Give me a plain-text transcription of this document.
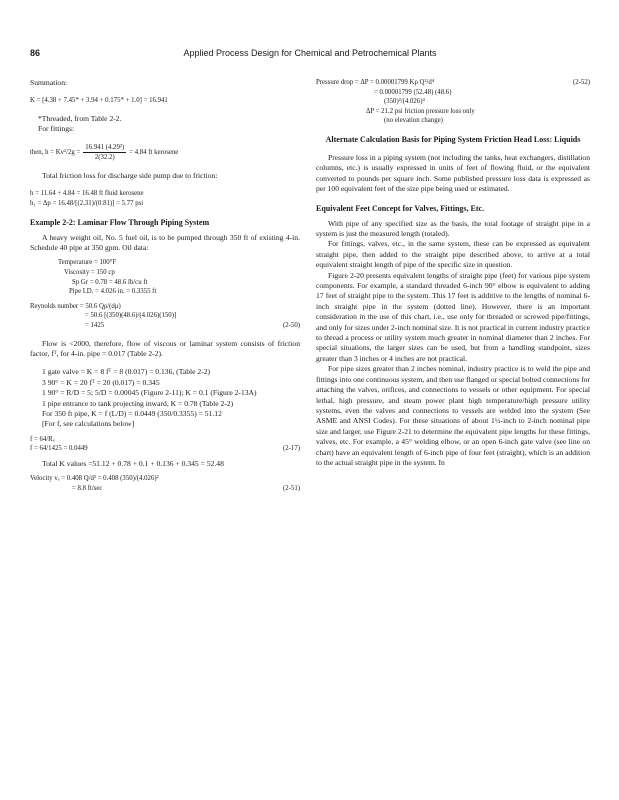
86	Applied Process Design for Chemical and Petrochemical Plants

Summation:

K = [4.38 + 7.45* + 3.94 + 0.175* + 1.0] = 16.941

*Threaded, from Table 2-2.

For fittings:

then, $h = Kv^2/2g = \frac{\text{16.941 (4.29²)}}{2(32.2)} = 4.84$ ft kerosene

Total friction loss for discharge side pump due to friction:

h = 11.64 + 4.84 = 16.48 ft fluid kerosene

h₁ = Δp = 16.48/[(2.31)/(0.81)] = 5.77 psi

Example 2-2: Laminar Flow Through Piping System

A heavy weight oil, No. 5 fuel oil, is to be pumped through 350 ft of existing 4-in. Schedule 40 pipe at 350 gpm. Oil data:

Temperature = 100°F
Viscosity = 150 cp
Sp Gr = 0.78 = 48.6 lb/cu ft
Pipe I.D. = 4.026 in. = 0.3355 ft
Reynolds number = 50.6 Qρ/(dμ)
= 50.6 [(350)(48.6)/(4.026)(150)]
= 1425	(2-50)

Flow is <2000, therefore, flow of viscous or laminar system consists of friction factor, fᵀ, for 4-in. pipe = 0.017 (Table 2-2).

1 gate valve = K = 8 fᵀ = 8 (0.017) = 0.136, (Table 2-2)

3 90° = K = 20 fᵀ = 20 (0.017) = 0.345

1 90° = R/D = 5; 5/D = 0.00045 (Figure 2-11); K = 0.1 (Figure 2-13A)

1 pipe entrance to tank projecting inward, K = 0.78 (Table 2-2)

For 350 ft pipe, K = f (L/D) = 0.0449 (350/0.3355) = 51.12

[For f, see calculations below]

f = 64/Rₑ
f = 64/1425 = 0.0449	(2-17)

Total K values =51.12 + 0.78 + 0.1 + 0.136 + 0.345 = 52.48

Velocity vₑ = 0.408 Q/d² = 0.408 (350)/(4.026)²
= 8.8 ft/sec	(2-51)
Pressure drop = ΔP = 0.00001799 Kρ Q²/d⁴	(2-52)
= 0.00001799 (52.48) (48.6)
(350)²/(4.026)⁴
ΔP = 21.2 psi friction pressure loss only
(no elevation change)

Alternate Calculation Basis for Piping System Friction Head Loss: Liquids

Pressure loss in a piping system (not including the tanks, heat exchangers, distillation columns, etc.) is usually expressed in units of feet of flowing fluid, or the equivalent converted to pounds per square inch. Some published pressure loss data is expressed as per 100 equivalent feet of the size pipe being used or estimated.

Equivalent Feet Concept for Valves, Fittings, Etc.

With pipe of any specified size as the basis, the total footage of straight pipe in a system is just the measured length (totaled).

For fittings, valves, etc., in the same system, these can be expressed as equivalent straight pipe, then added to the straight pipe described above, to arrive at a total equivalent straight length of pipe of the specific size in question.

Figure 2-20 presents equivalent lengths of straight pipe (feet) for various pipe system components. For example, a standard threaded 6-inch 90° elbow is equivalent to adding 17 feet of straight pipe to the system. This 17 feet is additive to the lengths of nominal 6-inch straight pipe in the system (dotted line). However, there is an important consideration in the use of this chart, i.e., use only for threaded or screwed pipe/fittings, and only for sizes under 2-inch nominal size. It is not practical in current industry practice to thread a process or utility system much greater in nominal diameter than 2 inches. For special situations, the larger sizes can be used, but from a handling standpoint, sizes greater than 3 inches or 4 inches are not practical.

For pipe sizes greater than 2 inches nominal, industry practice is to weld the pipe and fittings into one continuous system, and then use flanged or special bolted connections for attaching the valves, orifices, and connections to vessels or other equipment. For special lethal, high pressure, and steam power plant high temperature/high pressure utility systems, even the valves and connections to vessels are welded into the system (See ASME and ANSI Codes). For these situations of about 1½-inch to 2-inch nominal pipe size and larger, use Figure 2-21 to determine the equivalent pipe lengths for these fittings, valves, etc. For example, a 45° welding elbow, or an open 6-inch gate valve (see line on chart) have an equivalent length of 6-inch pipe of four feet (straight), which is an addition to the actual straight pipe in the system. In
